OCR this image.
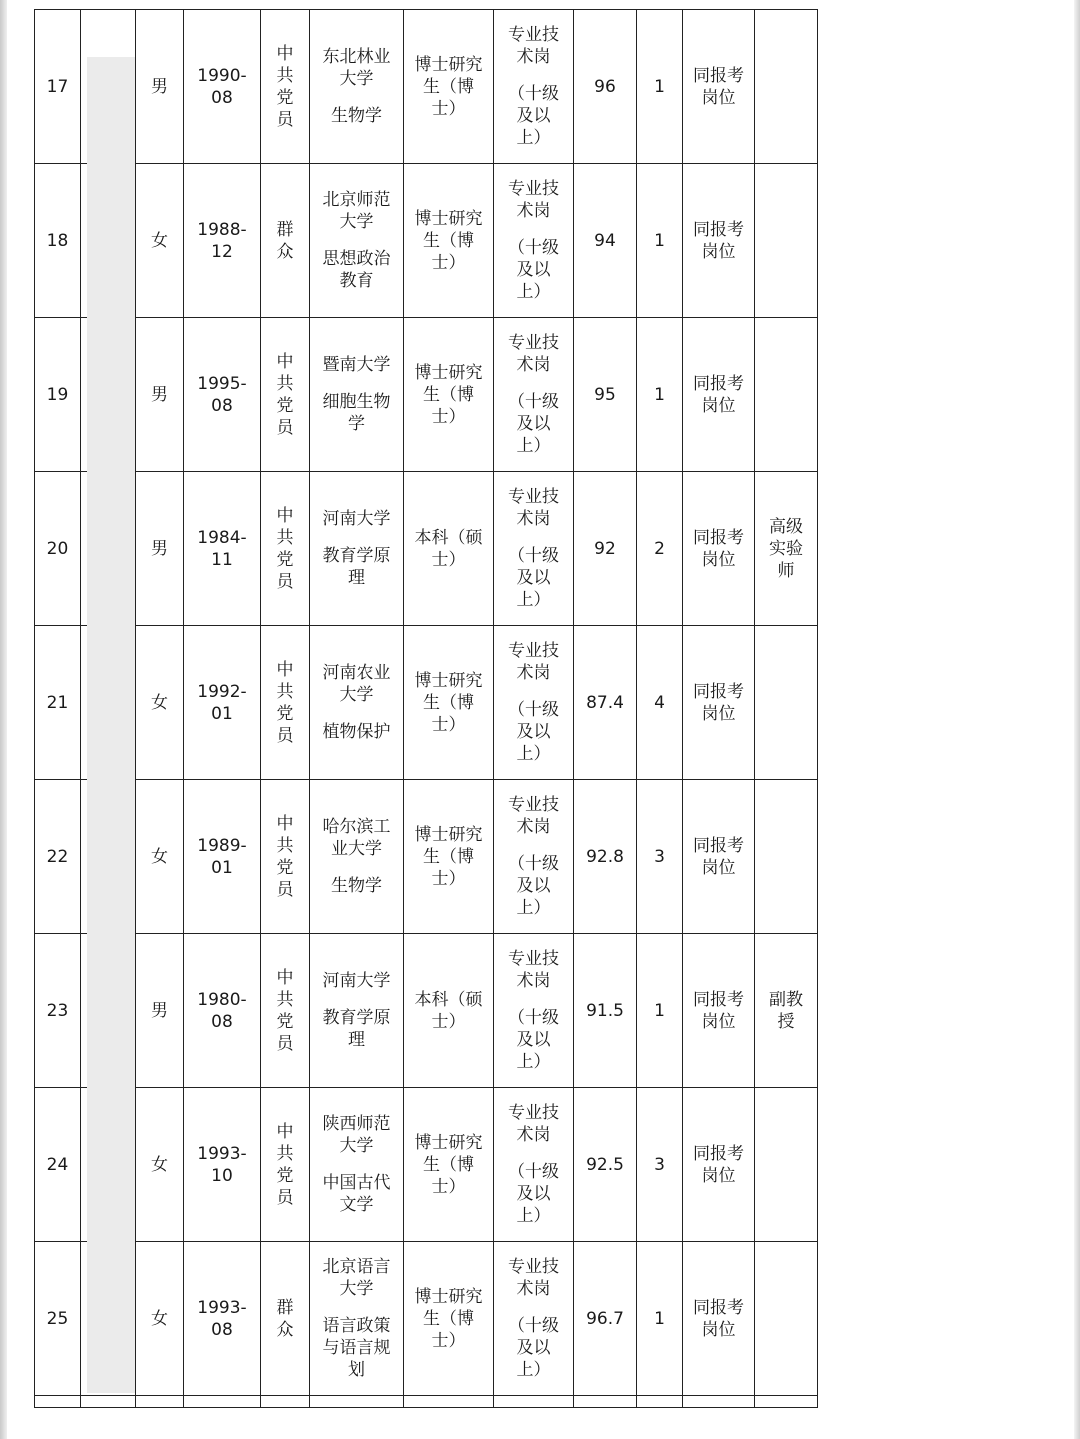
17		男	1990-
08	中
共
党
员	东北林业
大学
生物学	博士研究
生（博
士）	专业技
术岗
（十级
及以
上）	96	1	同报考
岗位	

18		女	1988-
12	群
众	北京师范
大学
思想政治
教育	博士研究
生（博
士）	专业技
术岗
（十级
及以
上）	94	1	同报考
岗位	

19		男	1995-
08	中
共
党
员	暨南大学
细胞生物
学	博士研究
生（博
士）	专业技
术岗
（十级
及以
上）	95	1	同报考
岗位	

20		男	1984-
11	中
共
党
员	河南大学
教育学原
理	本科（硕
士）	专业技
术岗
（十级
及以
上）	92	2	同报考
岗位	高级
实验
师

21		女	1992-
01	中
共
党
员	河南农业
大学
植物保护	博士研究
生（博
士）	专业技
术岗
（十级
及以
上）	87.4	4	同报考
岗位	

22		女	1989-
01	中
共
党
员	哈尔滨工
业大学
生物学	博士研究
生（博
士）	专业技
术岗
（十级
及以
上）	92.8	3	同报考
岗位	

23		男	1980-
08	中
共
党
员	河南大学
教育学原
理	本科（硕
士）	专业技
术岗
（十级
及以
上）	91.5	1	同报考
岗位	副教
授

24		女	1993-
10	中
共
党
员	陕西师范
大学
中国古代
文学	博士研究
生（博
士）	专业技
术岗
（十级
及以
上）	92.5	3	同报考
岗位	

25		女	1993-
08	群
众	北京语言
大学
语言政策
与语言规
划	博士研究
生（博
士）	专业技
术岗
（十级
及以
上）	96.7	1	同报考
岗位	
